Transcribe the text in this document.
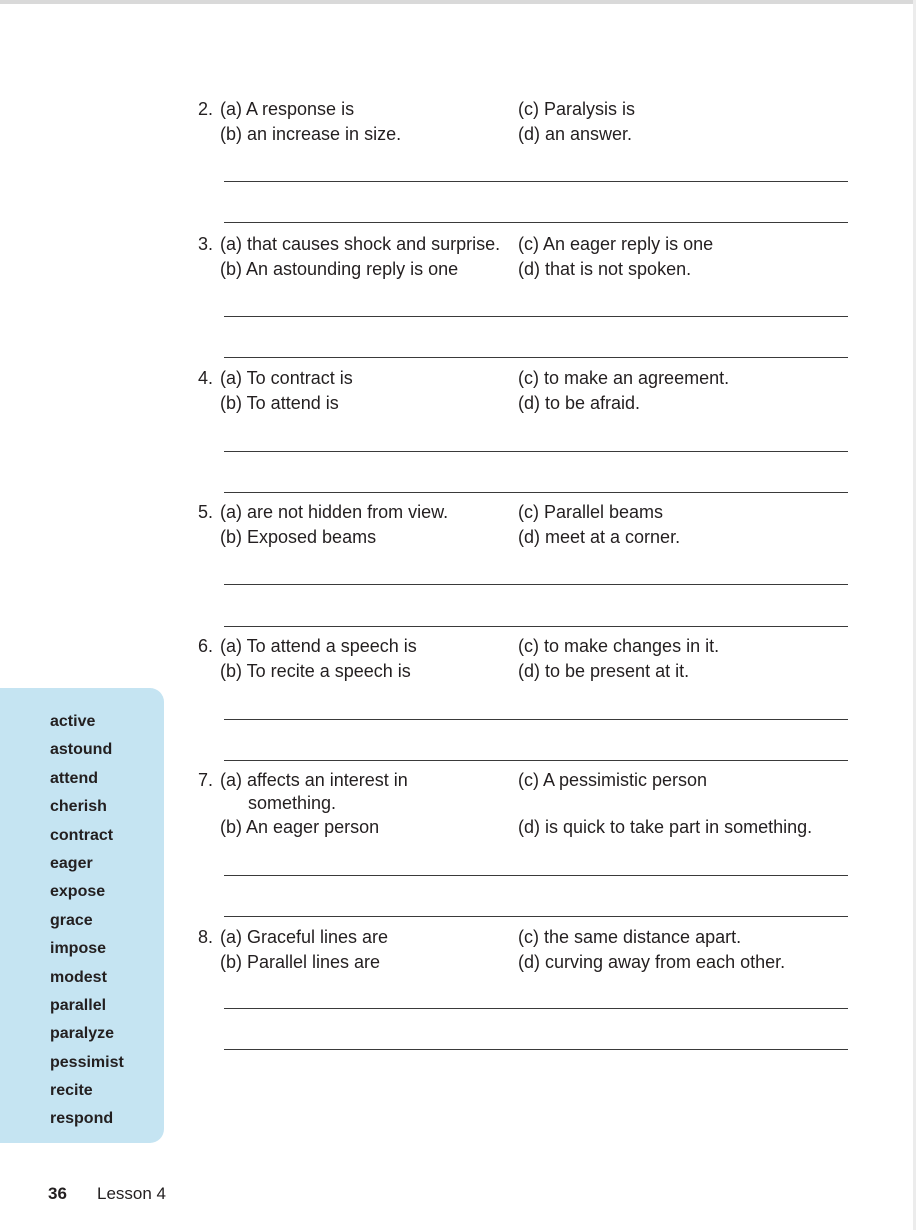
2. (a) A response is	(c) Paralysis is
(b) an increase in size.	(d) an answer.
3. (a) that causes shock and surprise. (c) An eager reply is one
(b) An astounding reply is one	(d) that is not spoken.
4. (a) To contract is	(c) to make an agreement.
(b) To attend is	(d) to be afraid.
5. (a) are not hidden from view.	(c) Parallel beams
(b) Exposed beams	(d) meet at a corner.
6. (a) To attend a speech is	(c) to make changes in it.
(b) To recite a speech is	(d) to be present at it.
7. (a) affects an interest in	(c) A pessimistic person
something.
(b) An eager person	(d) is quick to take part in something.
8. (a) Graceful lines are	(c) the same distance apart.
(b) Parallel lines are	(d) curving away from each other.
active
astound
attend
cherish
contract
eager
expose
grace
impose
modest
parallel
paralyze
pessimist
recite
respond
36 Lesson 4
